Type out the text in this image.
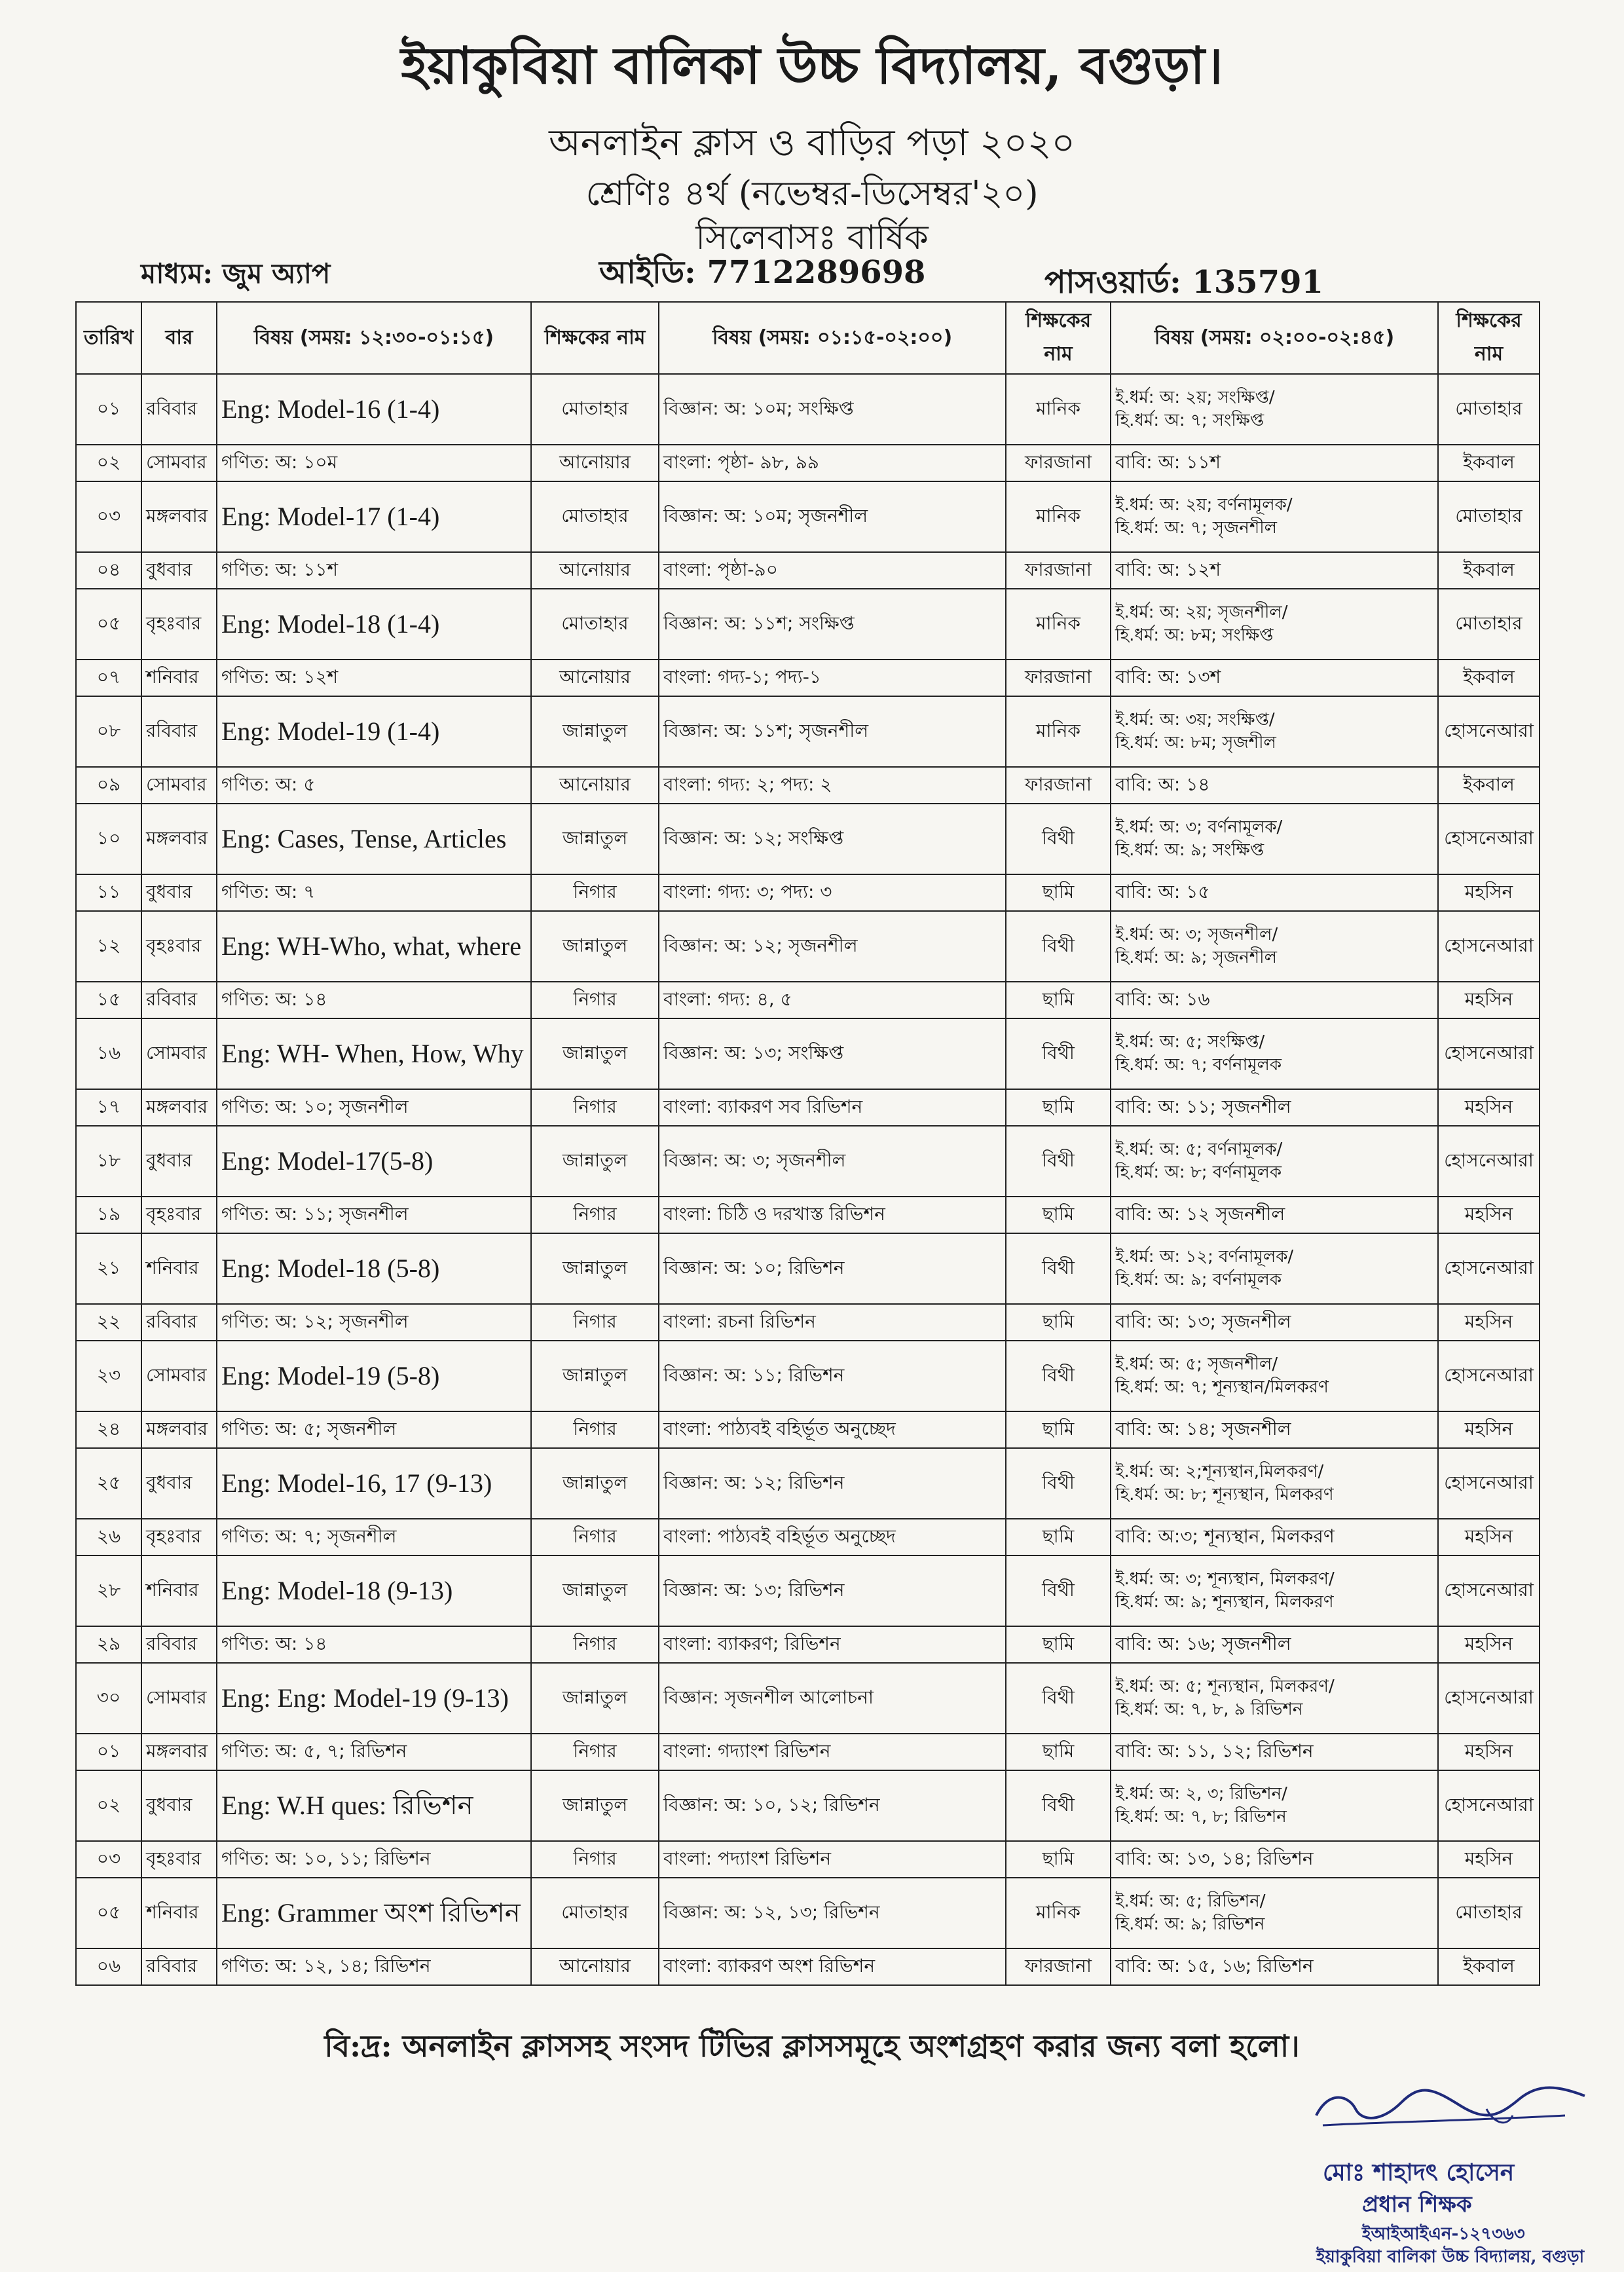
ইয়াকুবিয়া বালিকা উচ্চ বিদ্যালয়, বগুড়া।
অনলাইন ক্লাস ও বাড়ির পড়া ২০২০
শ্রেণিঃ ৪র্থ (নভেম্বর-ডিসেম্বর'২০)
সিলেবাসঃ বার্ষিক
মাধ্যম: জুম অ্যাপ	আইডি: 7712289698	পাসওয়ার্ড: 135791
তারিখ	বার	বিষয় (সময়: ১২:৩০-০১:১৫)	শিক্ষকের নাম	বিষয় (সময়: ০১:১৫-০২:০০)	শিক্ষকের নাম	বিষয় (সময়: ০২:০০-০২:৪৫)	শিক্ষকের নাম
০১	রবিবার	Eng: Model-16 (1-4)	মোতাহার	বিজ্ঞান: অ: ১০ম; সংক্ষিপ্ত	মানিক	ই.ধর্ম: অ: ২য়; সংক্ষিপ্ত/
হি.ধর্ম: অ: ৭; সংক্ষিপ্ত	মোতাহার
০২	সোমবার	গণিত: অ: ১০ম	আনোয়ার	বাংলা: পৃষ্ঠা- ৯৮, ৯৯	ফারজানা	বাবি: অ: ১১শ	ইকবাল
০৩	মঙ্গলবার	Eng: Model-17 (1-4)	মোতাহার	বিজ্ঞান: অ: ১০ম; সৃজনশীল	মানিক	ই.ধর্ম: অ: ২য়; বর্ণনামূলক/
হি.ধর্ম: অ: ৭; সৃজনশীল	মোতাহার
০৪	বুধবার	গণিত: অ: ১১শ	আনোয়ার	বাংলা: পৃষ্ঠা-৯০	ফারজানা	বাবি: অ: ১২শ	ইকবাল
০৫	বৃহঃবার	Eng: Model-18 (1-4)	মোতাহার	বিজ্ঞান: অ: ১১শ; সংক্ষিপ্ত	মানিক	ই.ধর্ম: অ: ২য়; সৃজনশীল/
হি.ধর্ম: অ: ৮ম; সংক্ষিপ্ত	মোতাহার
০৭	শনিবার	গণিত: অ: ১২শ	আনোয়ার	বাংলা: গদ্য-১; পদ্য-১	ফারজানা	বাবি: অ: ১৩শ	ইকবাল
০৮	রবিবার	Eng: Model-19 (1-4)	জান্নাতুল	বিজ্ঞান: অ: ১১শ; সৃজনশীল	মানিক	ই.ধর্ম: অ: ৩য়; সংক্ষিপ্ত/
হি.ধর্ম: অ: ৮ম; সৃজশীল	হোসনেআরা
০৯	সোমবার	গণিত: অ: ৫	আনোয়ার	বাংলা: গদ্য: ২; পদ্য: ২	ফারজানা	বাবি: অ: ১৪	ইকবাল
১০	মঙ্গলবার	Eng: Cases, Tense, Articles	জান্নাতুল	বিজ্ঞান: অ: ১২; সংক্ষিপ্ত	বিথী	ই.ধর্ম: অ: ৩; বর্ণনামূলক/
হি.ধর্ম: অ: ৯; সংক্ষিপ্ত	হোসনেআরা
১১	বুধবার	গণিত: অ: ৭	নিগার	বাংলা: গদ্য: ৩; পদ্য: ৩	ছামি	বাবি: অ: ১৫	মহসিন
১২	বৃহঃবার	Eng: WH-Who, what, where	জান্নাতুল	বিজ্ঞান: অ: ১২; সৃজনশীল	বিথী	ই.ধর্ম: অ: ৩; সৃজনশীল/
হি.ধর্ম: অ: ৯; সৃজনশীল	হোসনেআরা
১৫	রবিবার	গণিত: অ: ১৪	নিগার	বাংলা: গদ্য: ৪, ৫	ছামি	বাবি: অ: ১৬	মহসিন
১৬	সোমবার	Eng: WH- When, How, Why	জান্নাতুল	বিজ্ঞান: অ: ১৩; সংক্ষিপ্ত	বিথী	ই.ধর্ম: অ: ৫; সংক্ষিপ্ত/
হি.ধর্ম: অ: ৭; বর্ণনামূলক	হোসনেআরা
১৭	মঙ্গলবার	গণিত: অ: ১০; সৃজনশীল	নিগার	বাংলা: ব্যাকরণ সব রিভিশন	ছামি	বাবি: অ: ১১; সৃজনশীল	মহসিন
১৮	বুধবার	Eng: Model-17(5-8)	জান্নাতুল	বিজ্ঞান: অ: ৩; সৃজনশীল	বিথী	ই.ধর্ম: অ: ৫; বর্ণনামূলক/
হি.ধর্ম: অ: ৮; বর্ণনামূলক	হোসনেআরা
১৯	বৃহঃবার	গণিত: অ: ১১; সৃজনশীল	নিগার	বাংলা: চিঠি ও দরখাস্ত রিভিশন	ছামি	বাবি: অ: ১২ সৃজনশীল	মহসিন
২১	শনিবার	Eng: Model-18 (5-8)	জান্নাতুল	বিজ্ঞান: অ: ১০; রিভিশন	বিথী	ই.ধর্ম: অ: ১২; বর্ণনামূলক/
হি.ধর্ম: অ: ৯; বর্ণনামূলক	হোসনেআরা
২২	রবিবার	গণিত: অ: ১২; সৃজনশীল	নিগার	বাংলা: রচনা রিভিশন	ছামি	বাবি: অ: ১৩; সৃজনশীল	মহসিন
২৩	সোমবার	Eng: Model-19 (5-8)	জান্নাতুল	বিজ্ঞান: অ: ১১; রিভিশন	বিথী	ই.ধর্ম: অ: ৫; সৃজনশীল/
হি.ধর্ম: অ: ৭; শূন্যস্থান/মিলকরণ	হোসনেআরা
২৪	মঙ্গলবার	গণিত: অ: ৫; সৃজনশীল	নিগার	বাংলা: পাঠ্যবই বহির্ভূত অনুচ্ছেদ	ছামি	বাবি: অ: ১৪; সৃজনশীল	মহসিন
২৫	বুধবার	Eng: Model-16, 17 (9-13)	জান্নাতুল	বিজ্ঞান: অ: ১২; রিভিশন	বিথী	ই.ধর্ম: অ: ২;শূন্যস্থান,মিলকরণ/
হি.ধর্ম: অ: ৮; শূন্যস্থান, মিলকরণ	হোসনেআরা
২৬	বৃহঃবার	গণিত: অ: ৭; সৃজনশীল	নিগার	বাংলা: পাঠ্যবই বহির্ভূত অনুচ্ছেদ	ছামি	বাবি: অ:৩; শূন্যস্থান, মিলকরণ	মহসিন
২৮	শনিবার	Eng: Model-18 (9-13)	জান্নাতুল	বিজ্ঞান: অ: ১৩; রিভিশন	বিথী	ই.ধর্ম: অ: ৩; শূন্যস্থান, মিলকরণ/
হি.ধর্ম: অ: ৯; শূন্যস্থান, মিলকরণ	হোসনেআরা
২৯	রবিবার	গণিত: অ: ১৪	নিগার	বাংলা: ব্যাকরণ; রিভিশন	ছামি	বাবি: অ: ১৬; সৃজনশীল	মহসিন
৩০	সোমবার	Eng: Eng: Model-19 (9-13)	জান্নাতুল	বিজ্ঞান: সৃজনশীল আলোচনা	বিথী	ই.ধর্ম: অ: ৫; শূন্যস্থান, মিলকরণ/
হি.ধর্ম: অ: ৭, ৮, ৯ রিভিশন	হোসনেআরা
০১	মঙ্গলবার	গণিত: অ: ৫, ৭; রিভিশন	নিগার	বাংলা: গদ্যাংশ রিভিশন	ছামি	বাবি: অ: ১১, ১২; রিভিশন	মহসিন
০২	বুধবার	Eng: W.H ques: রিভিশন	জান্নাতুল	বিজ্ঞান: অ: ১০, ১২; রিভিশন	বিথী	ই.ধর্ম: অ: ২, ৩; রিভিশন/
হি.ধর্ম: অ: ৭, ৮; রিভিশন	হোসনেআরা
০৩	বৃহঃবার	গণিত: অ: ১০, ১১; রিভিশন	নিগার	বাংলা: পদ্যাংশ রিভিশন	ছামি	বাবি: অ: ১৩, ১৪; রিভিশন	মহসিন
০৫	শনিবার	Eng: Grammer অংশ রিভিশন	মোতাহার	বিজ্ঞান: অ: ১২, ১৩; রিভিশন	মানিক	ই.ধর্ম: অ: ৫; রিভিশন/
হি.ধর্ম: অ: ৯; রিভিশন	মোতাহার
০৬	রবিবার	গণিত: অ: ১২, ১৪; রিভিশন	আনোয়ার	বাংলা: ব্যাকরণ অংশ রিভিশন	ফারজানা	বাবি: অ: ১৫, ১৬; রিভিশন	ইকবাল
বি:দ্র: অনলাইন ক্লাসসহ সংসদ টিভির ক্লাসসমূহে অংশগ্রহণ করার জন্য বলা হলো।
মোঃ শাহাদৎ হোসেন
প্রধান শিক্ষক
ইআইআইএন-১২৭৩৬৩
ইয়াকুবিয়া বালিকা উচ্চ বিদ্যালয়, বগুড়া
